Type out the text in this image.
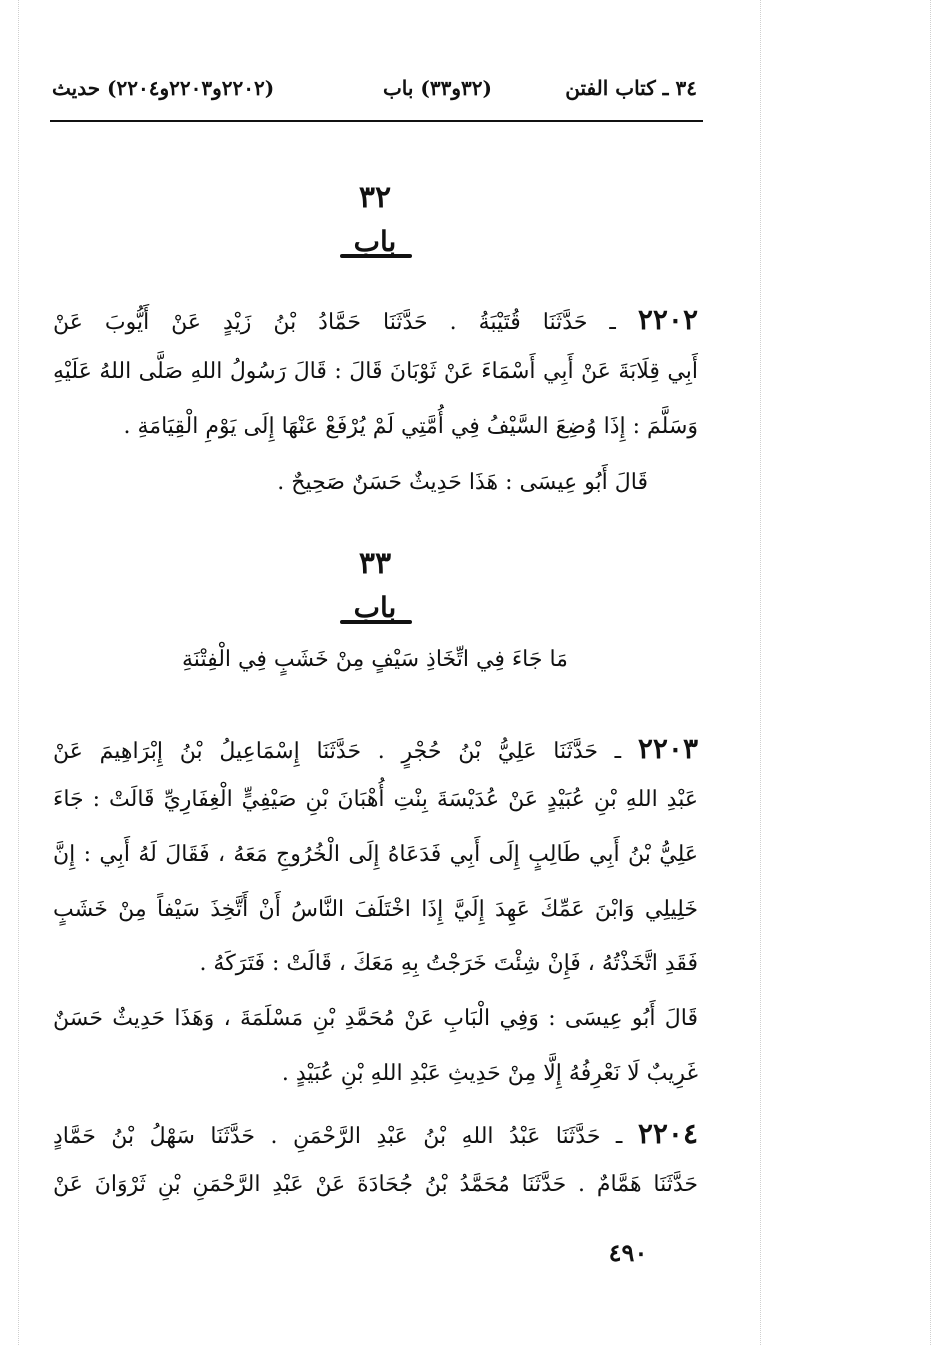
٣٤ ـ كتاب الفتن
(٣٢و٣٣) باب
(٢٢٠٢و٢٢٠٣و٢٢٠٤) حديث
٣٢
باب
٢٢٠٢ ـ حَدَّثَنَا قُتَيْبَةُ . حَدَّثَنَا حَمَّادُ بْنُ زَيْدٍ عَنْ أَيُّوبَ عَنْ
أَبِي قِلَابَةَ عَنْ أَبِي أَسْمَاءَ عَنْ ثَوْبَانَ قَالَ : قَالَ رَسُولُ اللهِ صَلَّى اللهُ عَلَيْهِ
وَسَلَّمَ : إِذَا وُضِعَ السَّيْفُ فِي أُمَّتِي لَمْ يُرْفَعْ عَنْهَا إِلَى يَوْمِ الْقِيَامَةِ .
قَالَ أَبُو عِيسَى : هَذَا حَدِيثٌ حَسَنٌ صَحِيحٌ .
٣٣
باب
مَا جَاءَ فِي اتِّخَاذِ سَيْفٍ مِنْ خَشَبٍ فِي الْفِتْنَةِ
٢٢٠٣ ـ حَدَّثَنَا عَلِيُّ بْنُ حُجْرٍ . حَدَّثَنَا إِسْمَاعِيلُ بْنُ إِبْرَاهِيمَ عَنْ
عَبْدِ اللهِ بْنِ عُبَيْدٍ عَنْ عُدَيْسَةَ بِنْتِ أُهْبَانَ بْنِ صَيْفِيٍّ الْغِفَارِيِّ قَالَتْ : جَاءَ
عَلِيُّ بْنُ أَبِي طَالِبٍ إِلَى أَبِي فَدَعَاهُ إِلَى الْخُرُوجِ مَعَهُ ، فَقَالَ لَهُ أَبِي : إِنَّ
خَلِيلِي وَابْنَ عَمِّكَ عَهِدَ إِلَيَّ إِذَا اخْتَلَفَ النَّاسُ أَنْ أَتَّخِذَ سَيْفاً مِنْ خَشَبٍ
فَقَدِ اتَّخَذْتُهُ ، فَإِنْ شِئْتَ خَرَجْتُ بِهِ مَعَكَ ، قَالَتْ : فَتَرَكَهُ .
قَالَ أَبُو عِيسَى : وَفِي الْبَابِ عَنْ مُحَمَّدِ بْنِ مَسْلَمَةَ ، وَهَذَا حَدِيثٌ حَسَنٌ
غَرِيبٌ لَا نَعْرِفُهُ إِلَّا مِنْ حَدِيثِ عَبْدِ اللهِ بْنِ عُبَيْدٍ .
٢٢٠٤ ـ حَدَّثَنَا عَبْدُ اللهِ بْنُ عَبْدِ الرَّحْمَنِ . حَدَّثَنَا سَهْلُ بْنُ حَمَّادٍ
حَدَّثَنَا هَمَّامٌ . حَدَّثَنَا مُحَمَّدُ بْنُ جُحَادَةَ عَنْ عَبْدِ الرَّحْمَنِ بْنِ ثَرْوَانَ عَنْ
٤٩٠
